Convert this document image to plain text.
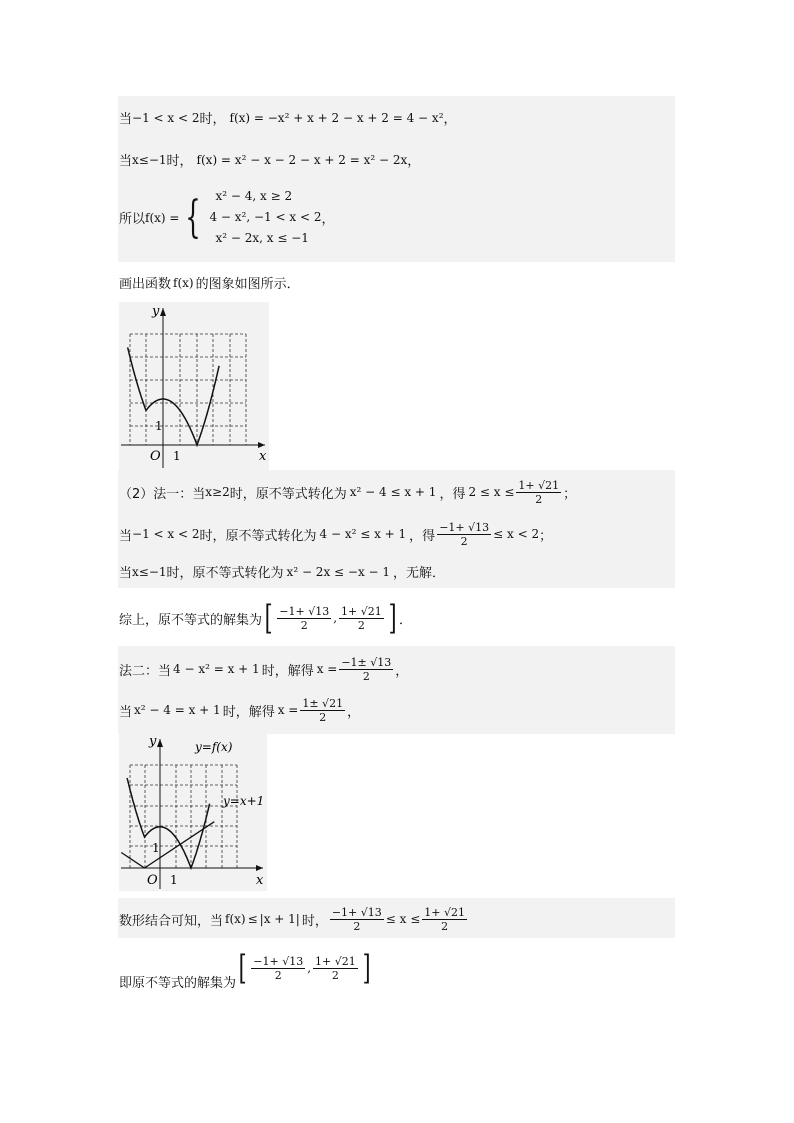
当 −1 < x < 2 时， f(x) = −x² + x + 2 − x + 2 = 4 − x² ，
当 x≤−1 时， f(x) = x² − x − 2 − x + 2 = x² − 2x ，
所以 f(x) = { x² − 4, x ≥ 2
4 − x², −1 < x < 2
x² − 2x, x ≤ −1
，
画出函数 f(x) 的图象如图所示．
y
x
O 1
1
（2）法一：当 x≥2 时，原不等式转化为 x² − 4 ≤ x + 1 ，得 $2 \le x \le \frac{1+ √21}{2}$ ；
当 −1 < x < 2 时，原不等式转化为 4 − x² ≤ x + 1 ，得 $\frac{-1+ √13}{2} \le x < 2$ ；
当 x≤−1 时，原不等式转化为 x² − 2x ≤ −x − 1 ，无解．
综上，原不等式的解集为 [ $\frac{-1+ √13}{2}$ , $\frac{1+ √21}{2}$ ] ．
法二：当 4 − x² = x + 1 时，解得 $x = \frac{-1\pm √13}{2}$ ，
当 x² − 4 = x + 1 时，解得 $x = \frac{1\pm √21}{2}$ ，
y
x
O 1
1
y=f(x)
y=x+1
数形结合可知，当 f(x) ≤ |x + 1| 时， $\frac{-1+ √13}{2} \le x \le \frac{1+ √21}{2}$
即原不等式的解集为 [ $\frac{-1+ √13}{2}$ , $\frac{1+ √21}{2}$ ]
